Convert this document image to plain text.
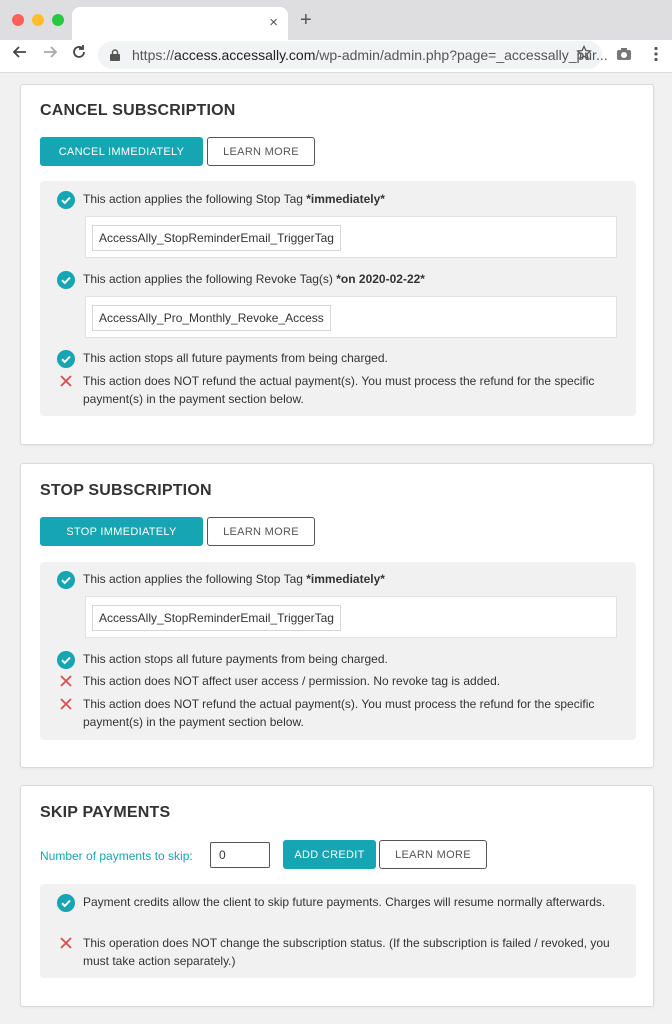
× +
https://access.accessally.com/wp-admin/admin.php?page=_accessally_pur...
CANCEL SUBSCRIPTION
CANCEL IMMEDIATELY	LEARN MORE
This action applies the following Stop Tag *immediately*
AccessAlly_StopReminderEmail_TriggerTag
This action applies the following Revoke Tag(s) *on 2020-02-22*
AccessAlly_Pro_Monthly_Revoke_Access
This action stops all future payments from being charged.
This action does NOT refund the actual payment(s). You must process the refund for the specific payment(s) in the payment section below.
STOP SUBSCRIPTION
STOP IMMEDIATELY	LEARN MORE
This action applies the following Stop Tag *immediately*
AccessAlly_StopReminderEmail_TriggerTag
This action stops all future payments from being charged.
This action does NOT affect user access / permission. No revoke tag is added.
This action does NOT refund the actual payment(s). You must process the refund for the specific payment(s) in the payment section below.
SKIP PAYMENTS
Number of payments to skip:
0	ADD CREDIT	LEARN MORE
Payment credits allow the client to skip future payments. Charges will resume normally afterwards.
This operation does NOT change the subscription status. (If the subscription is failed / revoked, you must take action separately.)
